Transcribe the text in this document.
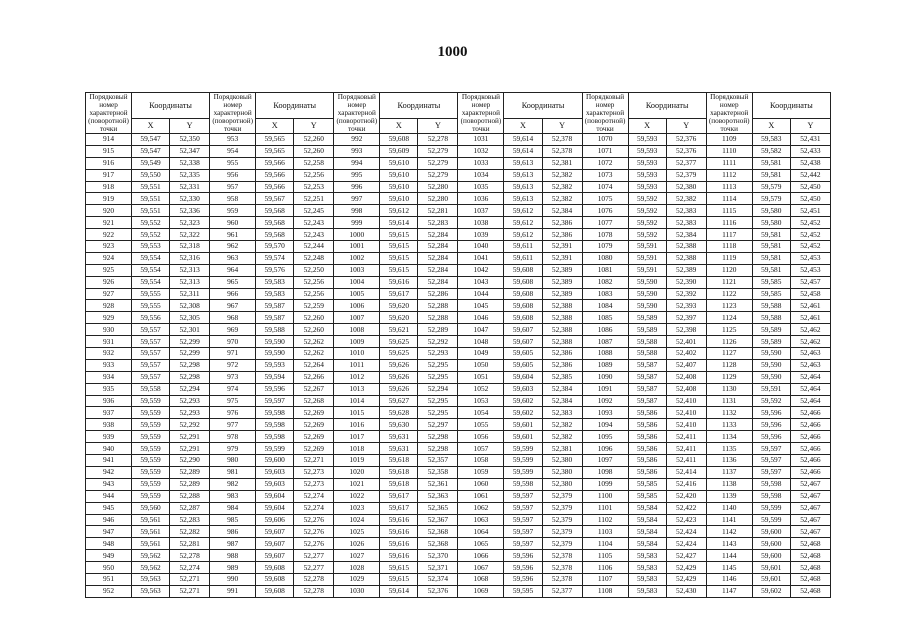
1000
Порядковый номер характерной (поворотной) точки	Координаты		Порядковый номер характерной (поворотной) точки	Координаты		Порядковый номер характерной (поворотной) точки	Координаты		Порядковый номер характерной (поворотной) точки	Координаты		Порядковый номер характерной (поворотной) точки	Координаты		Порядковый номер характерной (поворотной) точки	Координаты	
	X	Y		X	Y		X	Y		X	Y		X	Y		X	Y
914	59,547	52,350	953	59,565	52,260	992	59,608	52,278	1031	59,614	52,378	1070	59,593	52,376	1109	59,583	52,431
915	59,547	52,347	954	59,565	52,260	993	59,609	52,279	1032	59,614	52,378	1071	59,593	52,376	1110	59,582	52,433
916	59,549	52,338	955	59,566	52,258	994	59,610	52,279	1033	59,613	52,381	1072	59,593	52,377	1111	59,581	52,438
917	59,550	52,335	956	59,566	52,256	995	59,610	52,279	1034	59,613	52,382	1073	59,593	52,379	1112	59,581	52,442
918	59,551	52,331	957	59,566	52,253	996	59,610	52,280	1035	59,613	52,382	1074	59,593	52,380	1113	59,579	52,450
919	59,551	52,330	958	59,567	52,251	997	59,610	52,280	1036	59,613	52,382	1075	59,592	52,382	1114	59,579	52,450
920	59,551	52,336	959	59,568	52,245	998	59,612	52,281	1037	59,612	52,384	1076	59,592	52,383	1115	59,580	52,451
921	59,552	52,323	960	59,568	52,243	999	59,614	52,283	1038	59,612	52,386	1077	59,592	52,383	1116	59,580	52,452
922	59,552	52,322	961	59,568	52,243	1000	59,615	52,284	1039	59,612	52,386	1078	59,592	52,384	1117	59,581	52,452
923	59,553	52,318	962	59,570	52,244	1001	59,615	52,284	1040	59,611	52,391	1079	59,591	52,388	1118	59,581	52,452
924	59,554	52,316	963	59,574	52,248	1002	59,615	52,284	1041	59,611	52,391	1080	59,591	52,388	1119	59,581	52,453
925	59,554	52,313	964	59,576	52,250	1003	59,615	52,284	1042	59,608	52,389	1081	59,591	52,389	1120	59,581	52,453
926	59,554	52,313	965	59,583	52,256	1004	59,616	52,284	1043	59,608	52,389	1082	59,590	52,390	1121	59,585	52,457
927	59,555	52,311	966	59,583	52,256	1005	59,617	52,286	1044	59,608	52,389	1083	59,590	52,392	1122	59,585	52,458
928	59,555	52,308	967	59,587	52,259	1006	59,620	52,288	1045	59,608	52,388	1084	59,590	52,393	1123	59,588	52,461
929	59,556	52,305	968	59,587	52,260	1007	59,620	52,288	1046	59,608	52,388	1085	59,589	52,397	1124	59,588	52,461
930	59,557	52,301	969	59,588	52,260	1008	59,621	52,289	1047	59,607	52,388	1086	59,589	52,398	1125	59,589	52,462
931	59,557	52,299	970	59,590	52,262	1009	59,625	52,292	1048	59,607	52,388	1087	59,588	52,401	1126	59,589	52,462
932	59,557	52,299	971	59,590	52,262	1010	59,625	52,293	1049	59,605	52,386	1088	59,588	52,402	1127	59,590	52,463
933	59,557	52,298	972	59,593	52,264	1011	59,626	52,295	1050	59,605	52,386	1089	59,587	52,407	1128	59,590	52,463
934	59,557	52,298	973	59,594	52,266	1012	59,626	52,295	1051	59,604	52,385	1090	59,587	52,408	1129	59,590	52,464
935	59,558	52,294	974	59,596	52,267	1013	59,626	52,294	1052	59,603	52,384	1091	59,587	52,408	1130	59,591	52,464
936	59,559	52,293	975	59,597	52,268	1014	59,627	52,295	1053	59,602	52,384	1092	59,587	52,410	1131	59,592	52,464
937	59,559	52,293	976	59,598	52,269	1015	59,628	52,295	1054	59,602	52,383	1093	59,586	52,410	1132	59,596	52,466
938	59,559	52,292	977	59,598	52,269	1016	59,630	52,297	1055	59,601	52,382	1094	59,586	52,410	1133	59,596	52,466
939	59,559	52,291	978	59,598	52,269	1017	59,631	52,298	1056	59,601	52,382	1095	59,586	52,411	1134	59,596	52,466
940	59,559	52,291	979	59,599	52,269	1018	59,631	52,298	1057	59,599	52,381	1096	59,586	52,411	1135	59,597	52,466
941	59,559	52,290	980	59,600	52,271	1019	59,618	52,357	1058	59,599	52,380	1097	59,586	52,411	1136	59,597	52,466
942	59,559	52,289	981	59,603	52,273	1020	59,618	52,358	1059	59,599	52,380	1098	59,586	52,414	1137	59,597	52,466
943	59,559	52,289	982	59,603	52,273	1021	59,618	52,361	1060	59,598	52,380	1099	59,585	52,416	1138	59,598	52,467
944	59,559	52,288	983	59,604	52,274	1022	59,617	52,363	1061	59,597	52,379	1100	59,585	52,420	1139	59,598	52,467
945	59,560	52,287	984	59,604	52,274	1023	59,617	52,365	1062	59,597	52,379	1101	59,584	52,422	1140	59,599	52,467
946	59,561	52,283	985	59,606	52,276	1024	59,616	52,367	1063	59,597	52,379	1102	59,584	52,423	1141	59,599	52,467
947	59,561	52,282	986	59,607	52,276	1025	59,616	52,368	1064	59,597	52,379	1103	59,584	52,424	1142	59,600	52,467
948	59,561	52,281	987	59,607	52,276	1026	59,616	52,368	1065	59,597	52,379	1104	59,584	52,424	1143	59,600	52,468
949	59,562	52,278	988	59,607	52,277	1027	59,616	52,370	1066	59,596	52,378	1105	59,583	52,427	1144	59,600	52,468
950	59,562	52,274	989	59,608	52,277	1028	59,615	52,371	1067	59,596	52,378	1106	59,583	52,429	1145	59,601	52,468
951	59,563	52,271	990	59,608	52,278	1029	59,615	52,374	1068	59,596	52,378	1107	59,583	52,429	1146	59,601	52,468
952	59,563	52,271	991	59,608	52,278	1030	59,614	52,376	1069	59,595	52,377	1108	59,583	52,430	1147	59,602	52,468
